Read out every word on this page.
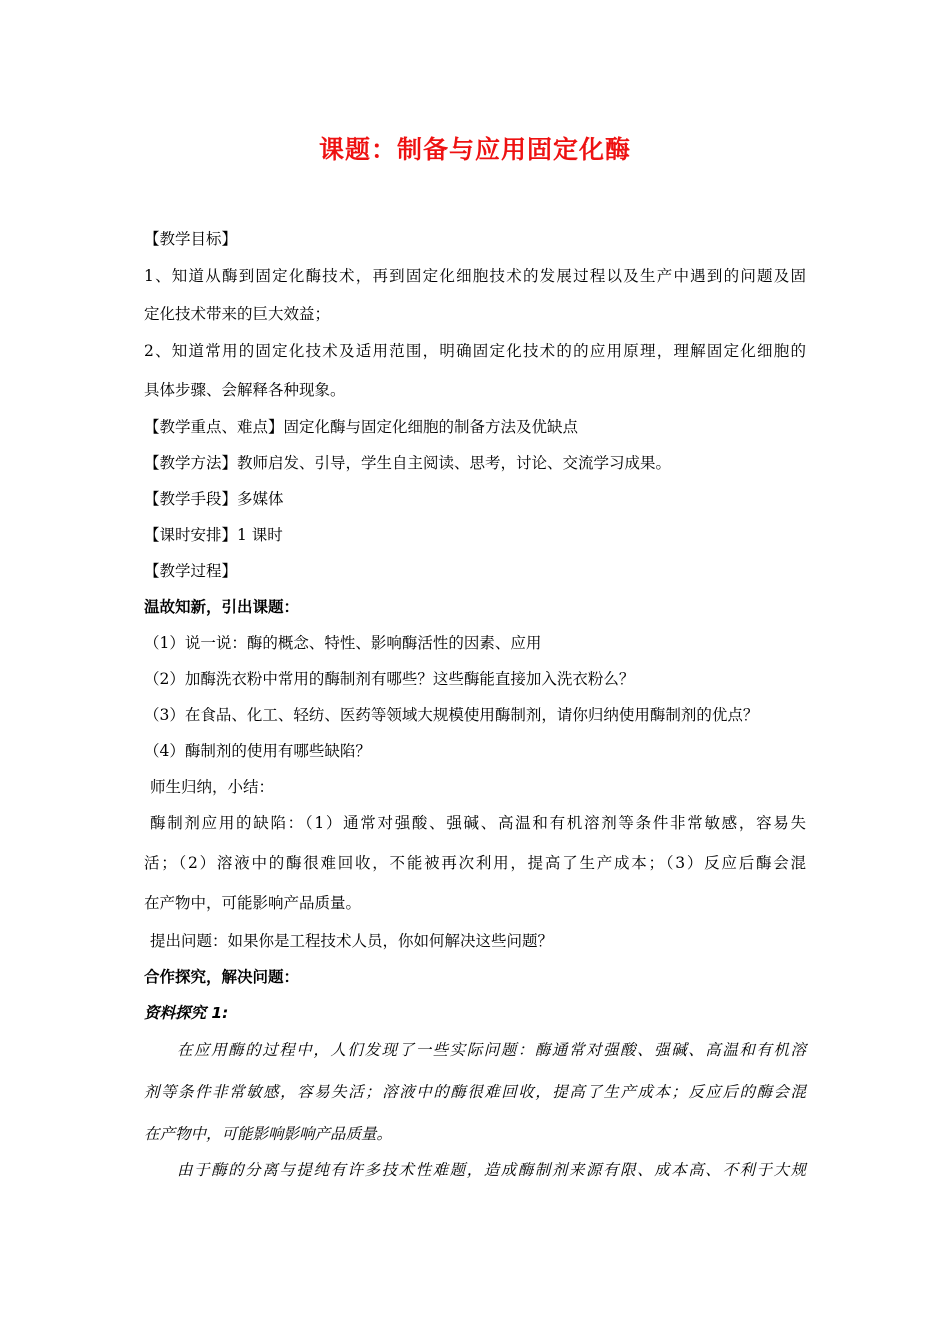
课题：制备与应用固定化酶
【教学目标】
1、知道从酶到固定化酶技术，再到固定化细胞技术的发展过程以及生产中遇到的问题及固
定化技术带来的巨大效益；
2、知道常用的固定化技术及适用范围，明确固定化技术的的应用原理，理解固定化细胞的
具体步骤、会解释各种现象。
【教学重点、难点】固定化酶与固定化细胞的制备方法及优缺点
【教学方法】教师启发、引导，学生自主阅读、思考，讨论、交流学习成果。
【教学手段】多媒体
【课时安排】1 课时
【教学过程】
温故知新，引出课题：
（1）说一说：酶的概念、特性、影响酶活性的因素、应用
（2）加酶洗衣粉中常用的酶制剂有哪些？这些酶能直接加入洗衣粉么？
（3）在食品、化工、轻纺、医药等领域大规模使用酶制剂，请你归纳使用酶制剂的优点？
（4）酶制剂的使用有哪些缺陷？
师生归纳，小结：
酶制剂应用的缺陷：（1）通常对强酸、强碱、高温和有机溶剂等条件非常敏感，容易失
活；（2）溶液中的酶很难回收，不能被再次利用，提高了生产成本；（3）反应后酶会混
在产物中，可能影响产品质量。
提出问题：如果你是工程技术人员，你如何解决这些问题？
合作探究，解决问题：
资料探究 1:
在应用酶的过程中，人们发现了一些实际问题：酶通常对强酸、强碱、高温和有机溶
剂等条件非常敏感，容易失活；溶液中的酶很难回收，提高了生产成本；反应后的酶会混
在产物中，可能影响影响产品质量。
由于酶的分离与提纯有许多技术性难题，造成酶制剂来源有限、成本高、不利于大规
